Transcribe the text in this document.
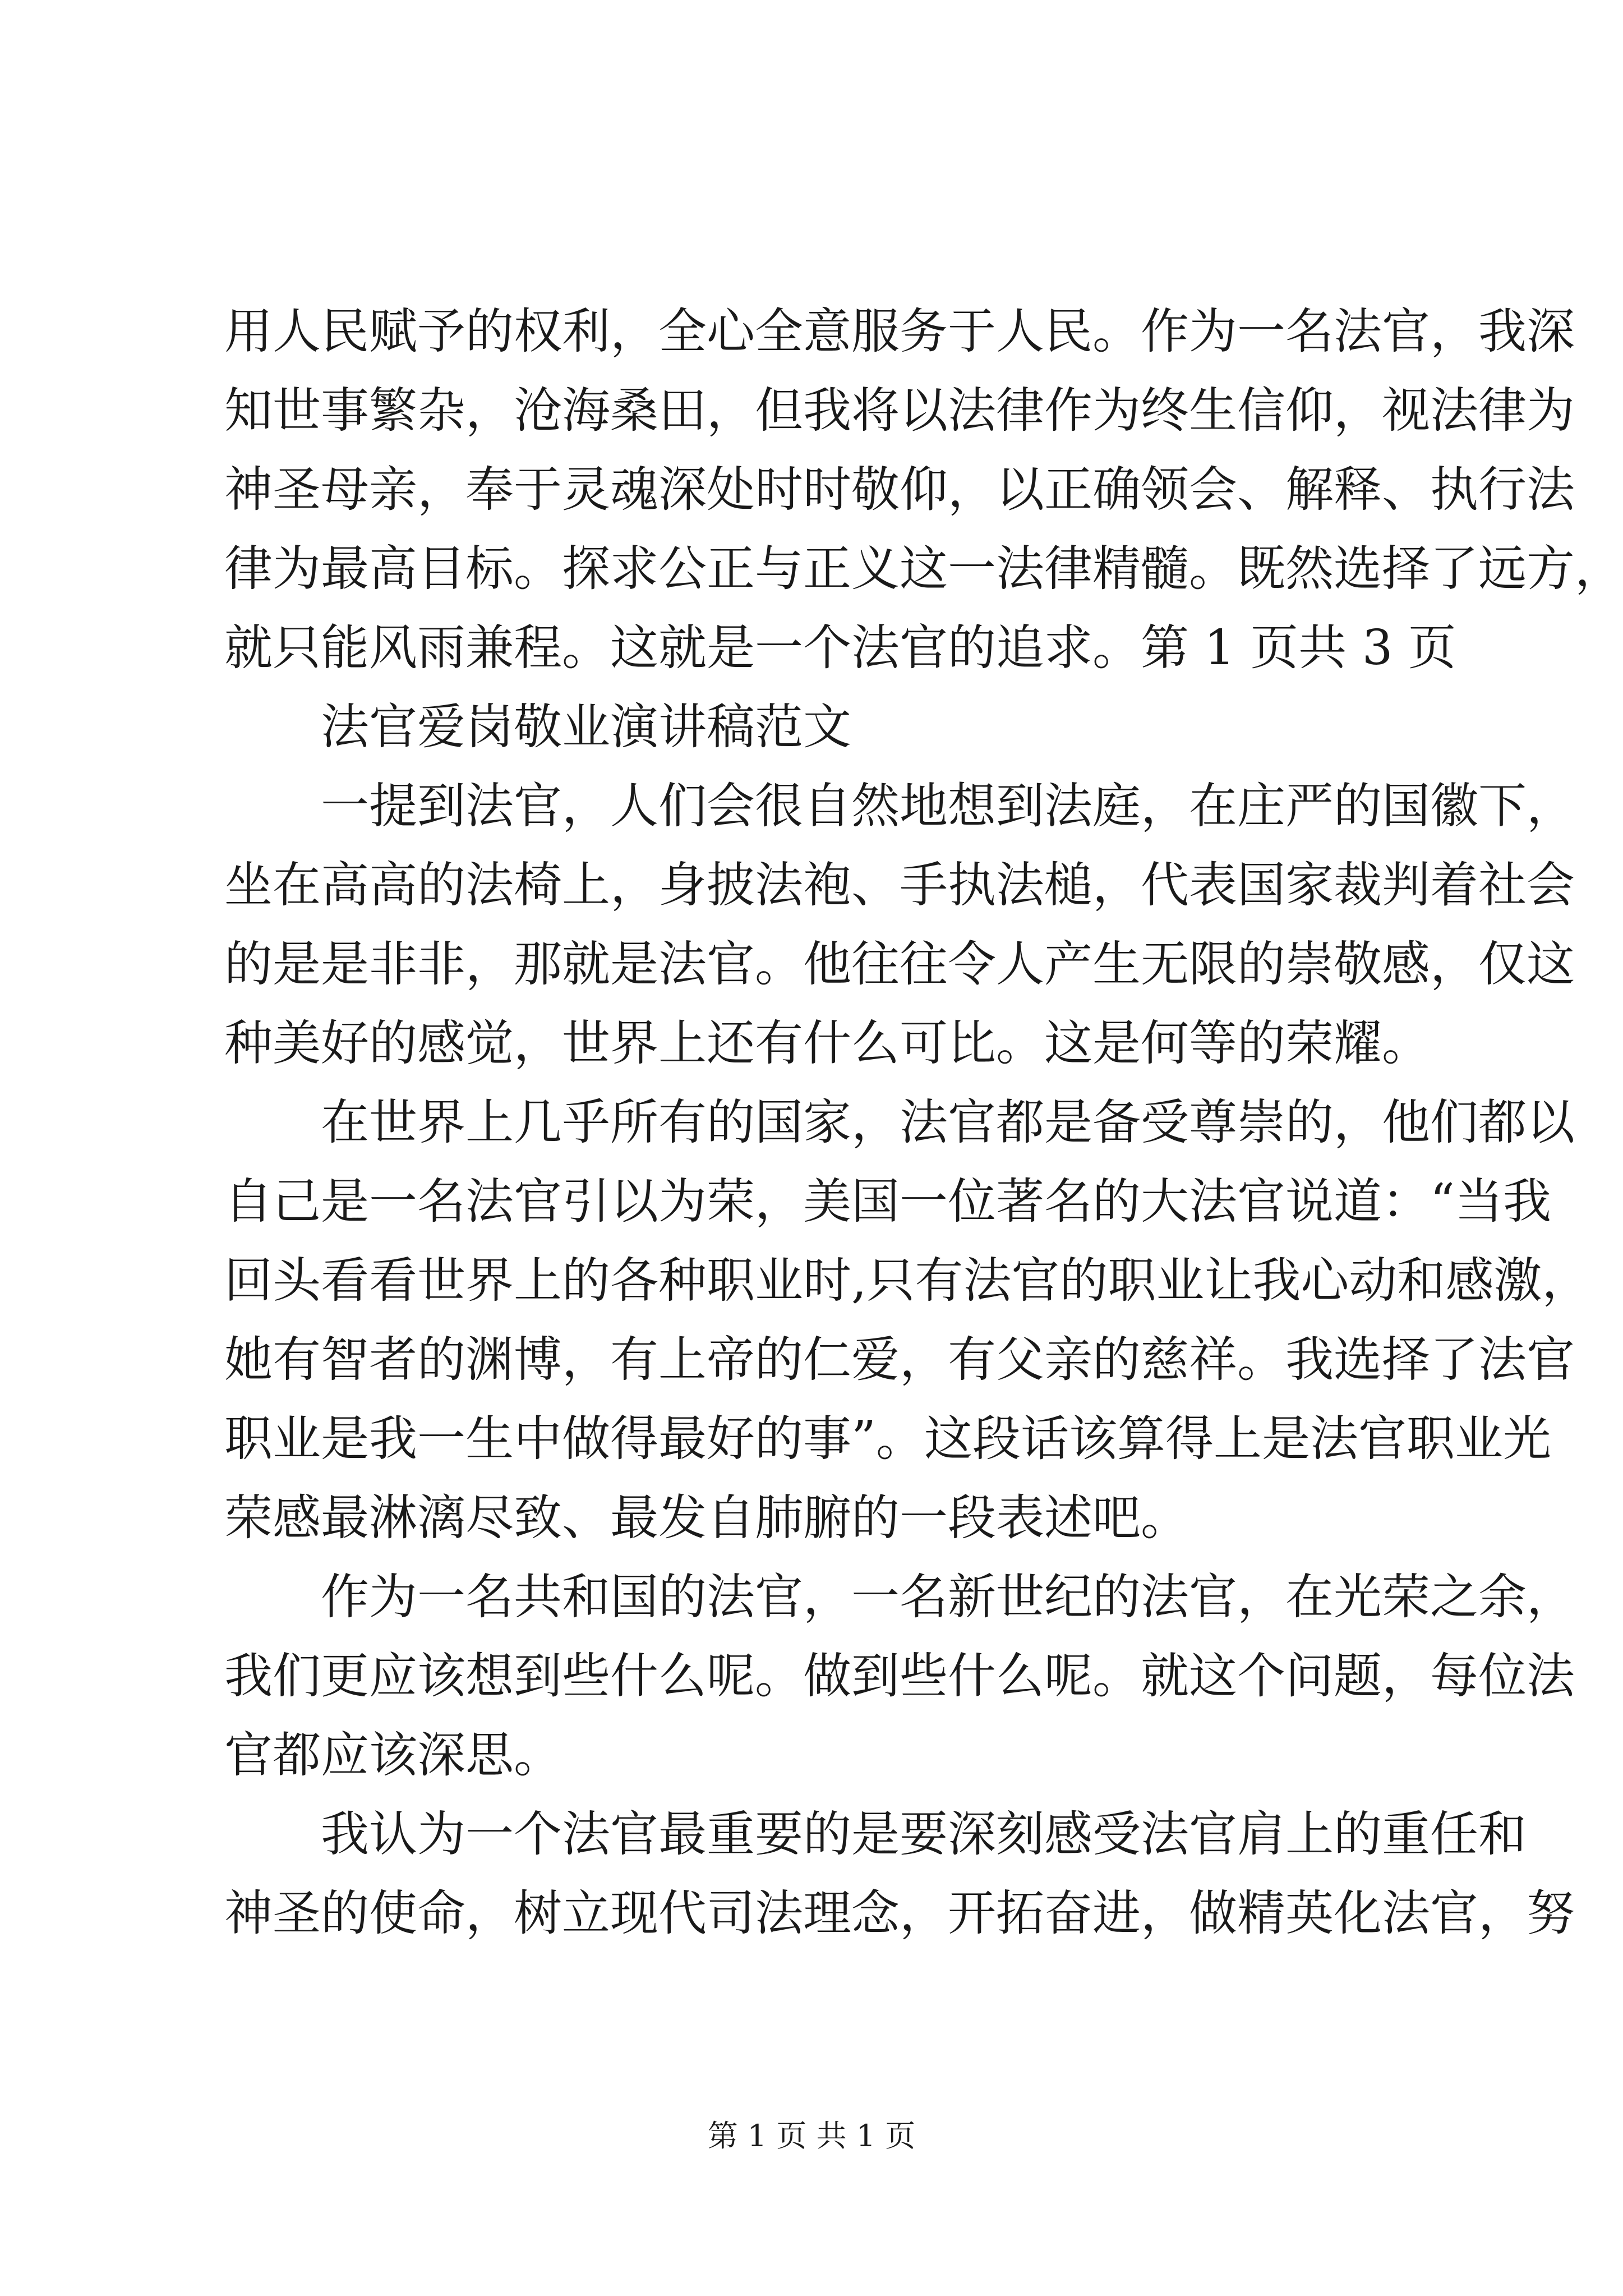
用人民赋予的权利，全心全意服务于人民。作为一名法官，我深
知世事繁杂，沧海桑田，但我将以法律作为终生信仰，视法律为
神圣母亲，奉于灵魂深处时时敬仰，以正确领会、解释、执行法
律为最高目标。探求公正与正义这一法律精髓。既然选择了远方，
就只能风雨兼程。这就是一个法官的追求。第 1 页共 3 页
法官爱岗敬业演讲稿范文
一提到法官，人们会很自然地想到法庭，在庄严的国徽下，
坐在高高的法椅上，身披法袍、手执法槌，代表国家裁判着社会
的是是非非，那就是法官。他往往令人产生无限的崇敬感，仅这
种美好的感觉，世界上还有什么可比。这是何等的荣耀。
在世界上几乎所有的国家，法官都是备受尊崇的，他们都以
自己是一名法官引以为荣，美国一位著名的大法官说道：“当我
回头看看世界上的各种职业时,只有法官的职业让我心动和感激，
她有智者的渊博，有上帝的仁爱，有父亲的慈祥。我选择了法官
职业是我一生中做得最好的事”。这段话该算得上是法官职业光
荣感最淋漓尽致、最发自肺腑的一段表述吧。
作为一名共和国的法官，一名新世纪的法官，在光荣之余，
我们更应该想到些什么呢。做到些什么呢。就这个问题，每位法
官都应该深思。
我认为一个法官最重要的是要深刻感受法官肩上的重任和
神圣的使命，树立现代司法理念，开拓奋进，做精英化法官，努
第 1 页 共 1 页
